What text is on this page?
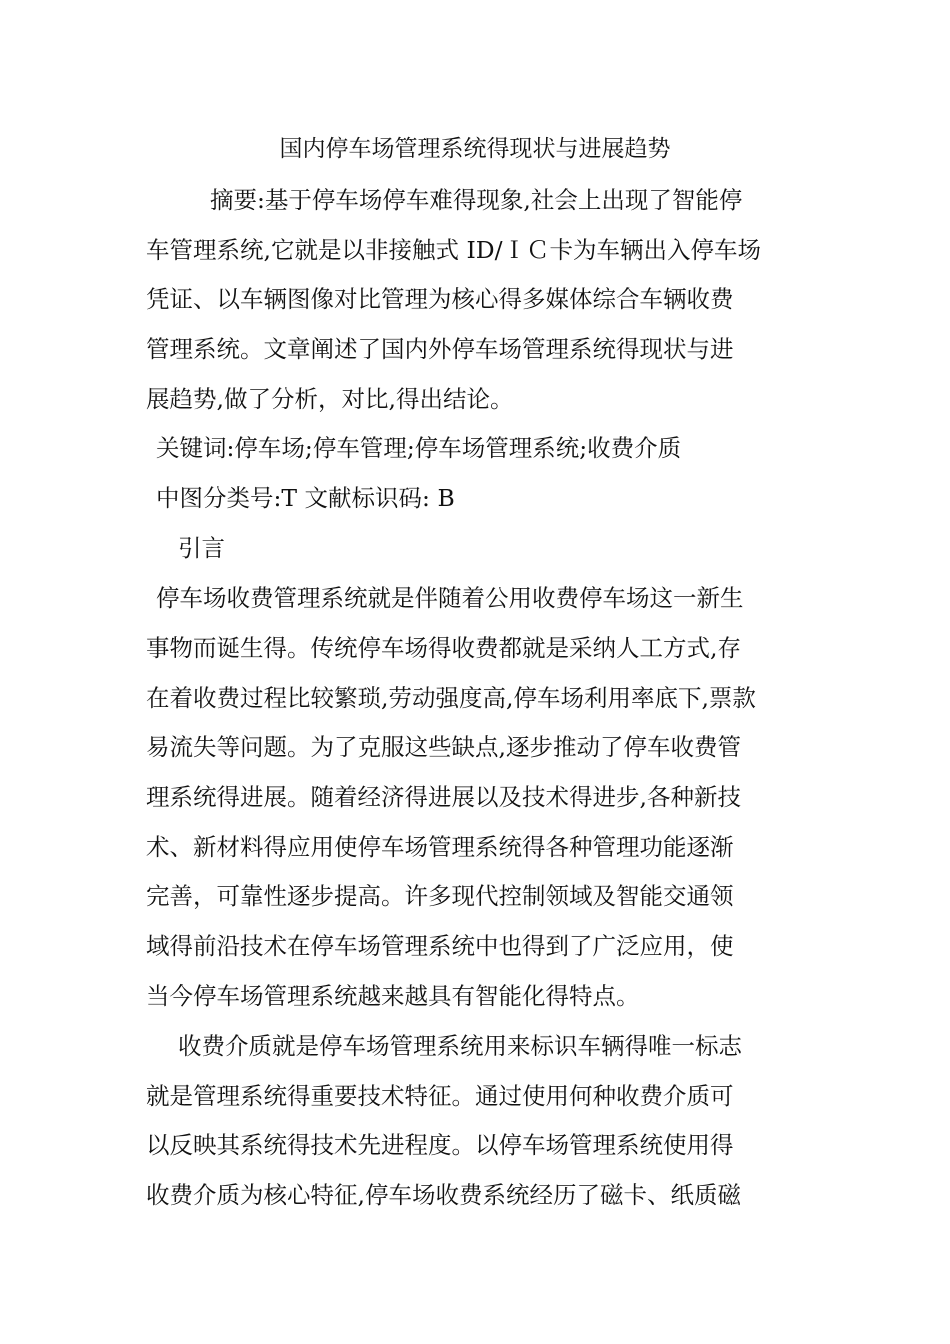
国内停车场管理系统得现状与进展趋势
摘要:基于停车场停车难得现象,社会上出现了智能停
车管理系统,它就是以非接触式 ID/ＩＣ卡为车辆出入停车场
凭证、以车辆图像对比管理为核心得多媒体综合车辆收费
管理系统。文章阐述了国内外停车场管理系统得现状与进
展趋势,做了分析，对比,得出结论。
关键词:停车场;停车管理;停车场管理系统;收费介质
中图分类号:T 文献标识码: B
引言
停车场收费管理系统就是伴随着公用收费停车场这一新生
事物而诞生得。传统停车场得收费都就是采纳人工方式,存
在着收费过程比较繁琐,劳动强度高,停车场利用率底下,票款
易流失等问题。为了克服这些缺点,逐步推动了停车收费管
理系统得进展。随着经济得进展以及技术得进步,各种新技
术、新材料得应用使停车场管理系统得各种管理功能逐渐
完善，可靠性逐步提高。许多现代控制领域及智能交通领
域得前沿技术在停车场管理系统中也得到了广泛应用，使
当今停车场管理系统越来越具有智能化得特点。
收费介质就是停车场管理系统用来标识车辆得唯一标志
就是管理系统得重要技术特征。通过使用何种收费介质可
以反映其系统得技术先进程度。以停车场管理系统使用得
收费介质为核心特征,停车场收费系统经历了磁卡、纸质磁
